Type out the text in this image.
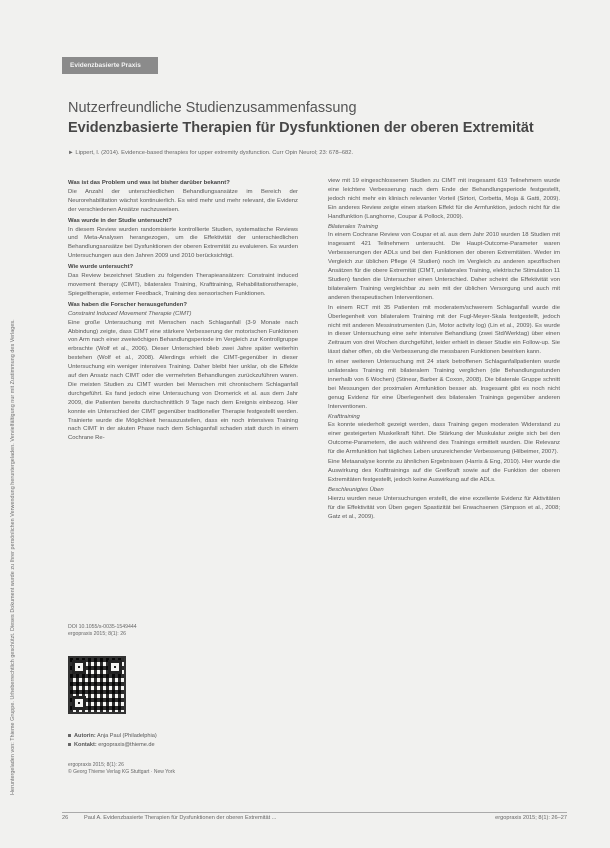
Evidenzbasierte Praxis
Heruntergeladen von: Thieme Gruppe. Urheberrechtlich geschützt. Dieses Dokument wurde zu Ihrer persönlichen Verwendung heruntergeladen. Vervielfältigung nur mit Zustimmung des Verlages.
Nutzerfreundliche Studienzusammenfassung
Evidenzbasierte Therapien für Dysfunktionen der oberen Extremität
► Lippert, I. (2014). Evidence-based therapies for upper extremity dysfunction. Curr Opin Neurol; 23: 678–682.
Was ist das Problem und was ist bisher darüber bekannt?

Die Anzahl der unterschiedlichen Behandlungsansätze im Bereich der Neurorehabilitation wächst kontinuierlich. Es wird mehr und mehr relevant, die Evidenz der verschiedenen Ansätze nachzuweisen.

Was wurde in der Studie untersucht?

In diesem Review wurden randomisierte kontrollierte Studien, systematische Reviews und Meta-Analysen herangezogen, um die Effektivität der unterschiedlichen Behandlungsansätze bei Dysfunktionen der oberen Extremität zu evaluieren. Es wurden Untersuchungen aus den Jahren 2009 und 2010 berücksichtigt.

Wie wurde untersucht?

Das Review bezeichnet Studien zu folgenden Therapieansätzen: Constraint induced movement therapy (CIMT), bilaterales Training, Krafttraining, Rehabilitationstherapie, Spiegeltherapie, externer Feedback, Training des sensorischen Funktionen.

Was haben die Forscher herausgefunden?
Constraint Induced Movement Therapie (CIMT)

Eine große Untersuchung mit Menschen nach Schlaganfall (3-9 Monate nach Abbindung) zeigte, dass CIMT eine stärkere Verbesserung der motorischen Funktionen von Arm nach einer zweiwöchigen Behandlungsperiode im Vergleich zur Kontrollgruppe erbrachte (Wolf et al., 2006). Dieser Unterschied blieb zwei Jahre später weiterhin bestehen (Wolf et al., 2008). Allerdings erhielt die CIMT-gegenüber in dieser Untersuchung ein weniger intensives Training. Daher bleibt hier unklar, ob die Effekte auf den Ansatz nach CIMT oder die vermehrten Behandlungen zurückzuführen waren. Die meisten Studien zu CIMT wurden bei Menschen mit chronischem Schlaganfall durchgeführt. Es fand jedoch eine Untersuchung von Dromerick et al. aus dem Jahr 2009, die Patienten bereits durchschnittlich 9 Tage nach dem Ereignis einbezog. Hier konnte ein Unterschied der CIMT gegenüber traditioneller Therapie festgestellt werden. Trainierte wurde die Möglichkeit herauszustellen, dass ein noch intensives Training nach CIMT in der akuten Phase nach dem Schlaganfall schaden statt durch in einem Cochrane Re-

view mit 19 eingeschlossenen Studien zu CIMT mit insgesamt 619 Teilnehmern wurde eine leichtere Verbesserung nach dem Ende der Behandlungsperiode festgestellt, jedoch nicht mehr ein klinisch relevanter Vorteil (Sirtori, Corbetta, Moja & Gatti, 2009). Ein anderes Review zeigte einen starken Effekt für die Armfunktion, jedoch nicht für die Handfunktion (Langhorne, Coupar & Pollock, 2009).

Bilaterales Training

In einem Cochrane Review von Coupar et al. aus dem Jahr 2010 wurden 18 Studien mit insgesamt 421 Teilnehmern untersucht. Die Haupt-Outcome-Parameter waren Verbesserungen der ADLs und bei den Funktionen der oberen Extremitäten. Weder im Vergleich zur üblichen Pflege (4 Studien) noch im Vergleich zu anderen spezifischen Ansätzen für die obere Extremität (CIMT, unilaterales Training, elektrische Stimulation 11 Studien) fanden die Untersucher einen Unterschied. Daher scheint die Effektivität von bilateralem Training vergleichbar zu sein mit der üblichen Versorgung und auch mit anderen therapeutischen Interventionen.

In einem RCT mit 35 Patienten mit moderatem/schwerem Schlaganfall wurde die Überlegenheit von bilateralem Training mit der Fugl-Meyer-Skala festgestellt, jedoch nicht mit anderen Messinstrumenten (Lin, Motor activity log) (Lin et al., 2009). Es wurde in dieser Untersuchung eine sehr intensive Behandlung (zwei Std/Werktag) über einen Zeitraum von drei Wochen durchgeführt, leider erhielt in dieser Studie ein Follow-up. Sie lässt daher offen, ob die Verbesserung die messbaren Funktionen bewirken kann.

In einer weiteren Untersuchung mit 24 stark betroffenen Schlaganfallpatienten wurde unilaterales Training mit bilateralem Training verglichen (die Behandlungsstunden innerhalb von 6 Wochen) (Stinear, Barber & Coxon, 2008). Die bilaterale Gruppe schnitt bei Messungen der proximalen Armfunktion besser ab. Insgesamt gibt es noch nicht genug Evidenz für eine Überlegenheit des bilateralen Trainings gegenüber anderen Interventionen.

Krafttraining

Es konnte wiederholt gezeigt werden, dass Training gegen moderaten Widerstand zu einer gesteigerten Muskelkraft führt. Die Stärkung der Muskulatur zeigte sich bei den Outcome-Parametern, die auch während des Trainings ermittelt wurden. Die Relevanz für die Armfunktion hat tägliches Leben unzureichender Verbesserung (Hilbeimer, 2007).

Eine Metaanalyse konnte zu ähnlichen Ergebnissen (Harris & Eng, 2010). Hier wurde die Auswirkung des Krafttrainings auf die Greifkraft sowie auf die Funktion der oberen Extremitäten festgestellt, jedoch keine Auswirkung auf die ADLs.

Beschleunigtes Üben

Hierzu wurden neue Untersuchungen erstellt, die eine exzellente Evidenz für Aktivitäten für die Effektivität von Üben gegen Spastizität bei Erwachsenen (Simpson et al., 2008; Gatz et al., 2009).

DOI 10.1055/s-0035-1549444
ergopraxis 2015; 8(1): 26
Autorin: Anja Paul (Philadelphia)
Kontakt: ergopraxis@thieme.de
ergopraxis 2015; 8(1): 26
© Georg Thieme Verlag KG Stuttgart · New York
26	Paul A. Evidenzbasierte Therapien für Dysfunktionen der oberen Extremität ...	ergopraxis 2015; 8(1): 26–27
